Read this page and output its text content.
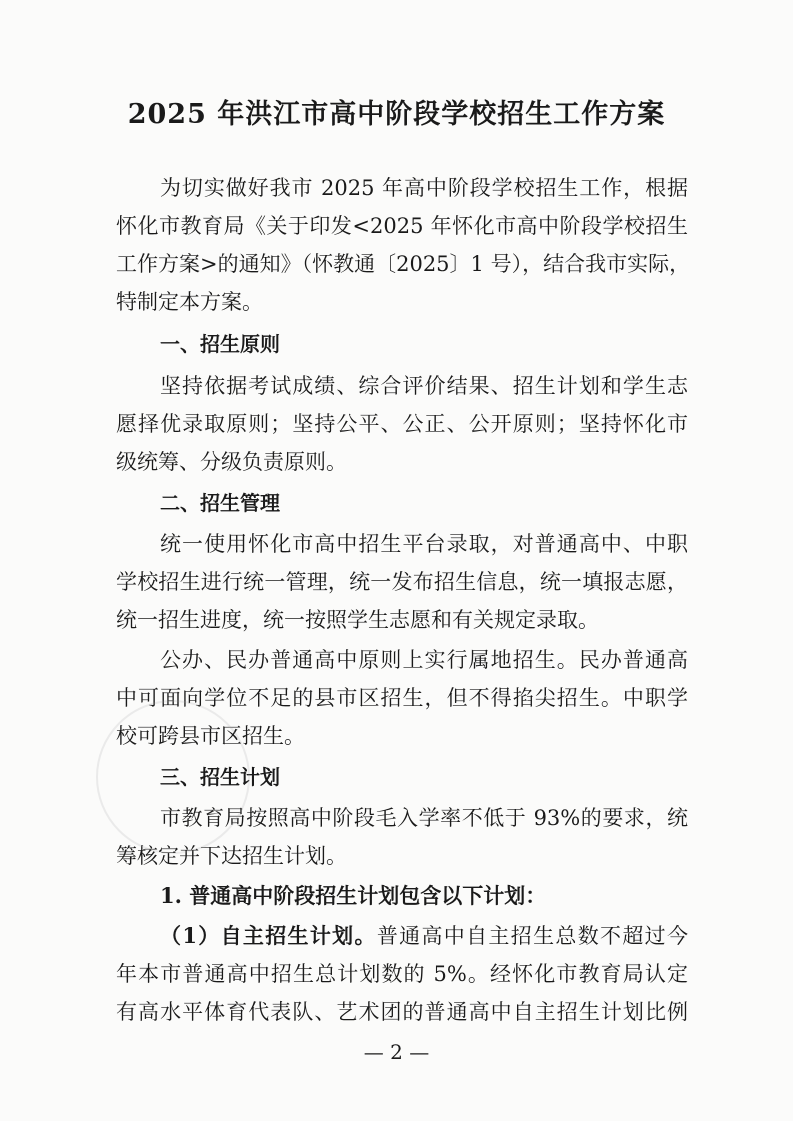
2025 年洪江市高中阶段学校招生工作方案

为切实做好我市 2025 年高中阶段学校招生工作，根据

怀化市教育局《关于印发<2025 年怀化市高中阶段学校招生

工作方案>的通知》（怀教通〔2025〕1 号），结合我市实际，

特制定本方案。

一、招生原则

坚持依据考试成绩、综合评价结果、招生计划和学生志

愿择优录取原则；坚持公平、公正、公开原则；坚持怀化市

级统筹、分级负责原则。

二、招生管理

统一使用怀化市高中招生平台录取，对普通高中、中职

学校招生进行统一管理，统一发布招生信息，统一填报志愿，

统一招生进度，统一按照学生志愿和有关规定录取。

公办、民办普通高中原则上实行属地招生。民办普通高

中可面向学位不足的县市区招生，但不得掐尖招生。中职学

校可跨县市区招生。

三、招生计划

市教育局按照高中阶段毛入学率不低于 93%的要求，统

筹核定并下达招生计划。

1. 普通高中阶段招生计划包含以下计划：

（1）自主招生计划。普通高中自主招生总数不超过今

年本市普通高中招生总计划数的 5%。经怀化市教育局认定

有高水平体育代表队、艺术团的普通高中自主招生计划比例

— 2 —
